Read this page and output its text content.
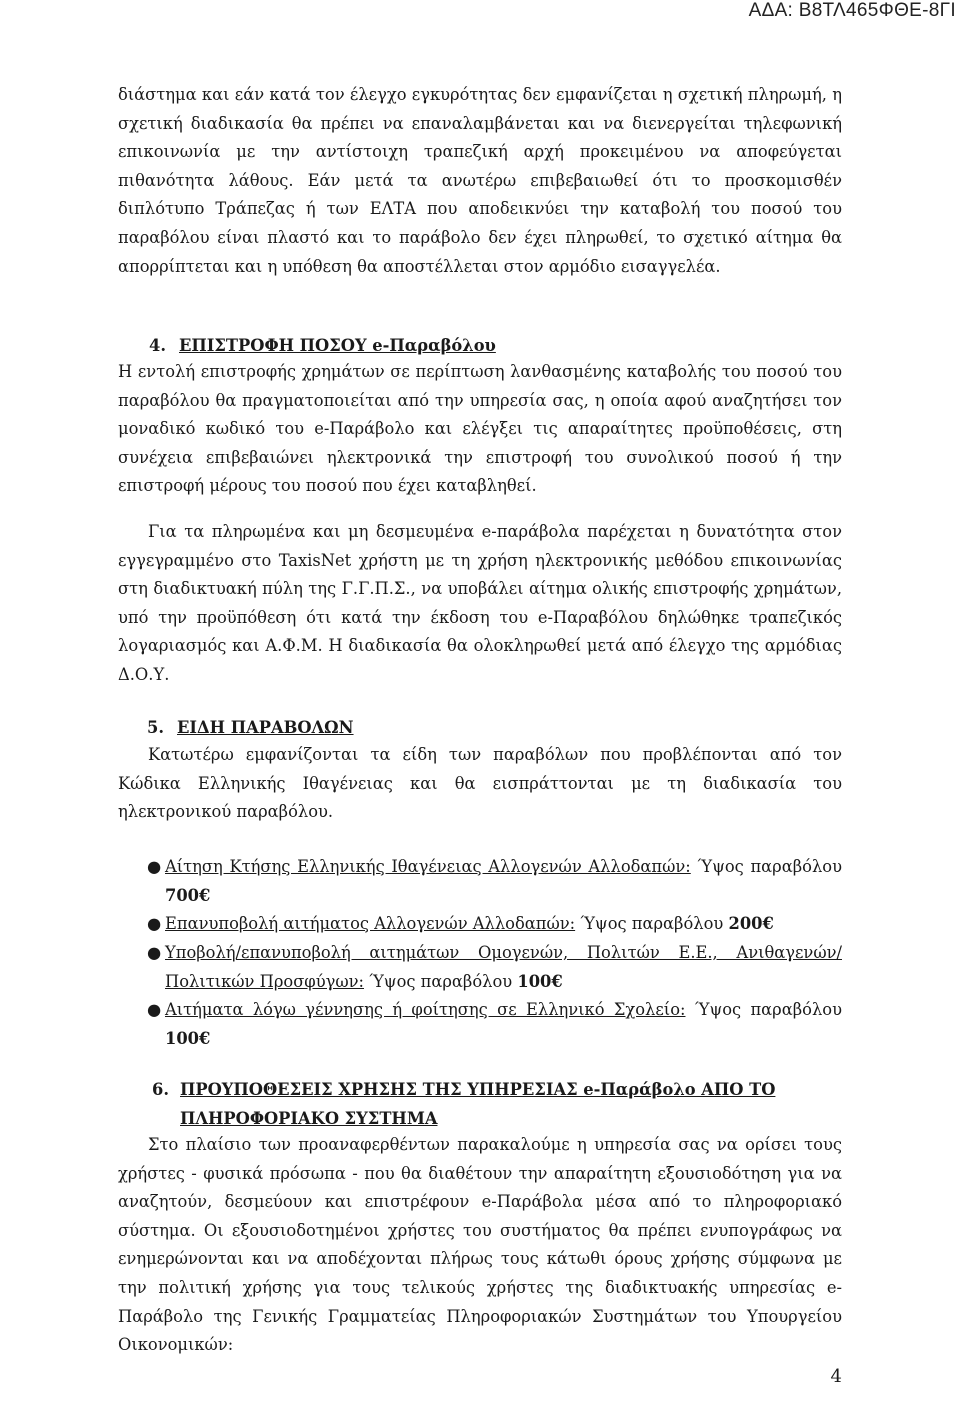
ΑΔΑ: Β8ΤΛ465ΦΘΕ-8ΓΙ

διάστημα και εάν κατά τον έλεγχο εγκυρότητας δεν εμφανίζεται η σχετική πληρωμή, η σχετική διαδικασία θα πρέπει να επαναλαμβάνεται και να διενεργείται τηλεφωνική επικοινωνία με την αντίστοιχη τραπεζική αρχή προκειμένου να αποφεύγεται πιθανότητα λάθους. Εάν μετά τα ανωτέρω επιβεβαιωθεί ότι το προσκομισθέν διπλότυπο Τράπεζας ή των ΕΛΤΑ που αποδεικνύει την καταβολή του ποσού του παραβόλου είναι πλαστό και το παράβολο δεν έχει πληρωθεί, το σχετικό αίτημα θα απορρίπτεται και η υπόθεση θα αποστέλλεται στον αρμόδιο εισαγγελέα.

4. ΕΠΙΣΤΡΟΦΗ ΠΟΣΟΥ e-Παραβόλου

Η εντολή επιστροφής χρημάτων σε περίπτωση λανθασμένης καταβολής του ποσού του παραβόλου θα πραγματοποιείται από την υπηρεσία σας, η οποία αφού αναζητήσει τον μοναδικό κωδικό του e-Παράβολο και ελέγξει τις απαραίτητες προϋποθέσεις, στη συνέχεια επιβεβαιώνει ηλεκτρονικά την επιστροφή του συνολικού ποσού ή την επιστροφή μέρους του ποσού που έχει καταβληθεί.

Για τα πληρωμένα και μη δεσμευμένα e-παράβολα παρέχεται η δυνατότητα στον εγγεγραμμένο στο TaxisNet χρήστη με τη χρήση ηλεκτρονικής μεθόδου επικοινωνίας στη διαδικτυακή πύλη της Γ.Γ.Π.Σ., να υποβάλει αίτημα ολικής επιστροφής χρημάτων, υπό την προϋπόθεση ότι κατά την έκδοση του e-Παραβόλου δηλώθηκε τραπεζικός λογαριασμός και Α.Φ.Μ. Η διαδικασία θα ολοκληρωθεί μετά από έλεγχο της αρμόδιας Δ.Ο.Υ.

5. ΕΙΔΗ ΠΑΡΑΒΟΛΩΝ

Κατωτέρω εμφανίζονται τα είδη των παραβόλων που προβλέπονται από τον Κώδικα Ελληνικής Ιθαγένειας και θα εισπράττονται με τη διαδικασία του ηλεκτρονικού παραβόλου.

● Αίτηση Κτήσης Ελληνικής Ιθαγένειας Αλλογενών Αλλοδαπών: Ύψος παραβόλου 700€
● Επανυποβολή αιτήματος Αλλογενών Αλλοδαπών: Ύψος παραβόλου 200€
● Υποβολή/επανυποβολή αιτημάτων Ομογενών, Πολιτών Ε.Ε., Ανιθαγενών/Πολιτικών Προσφύγων: Ύψος παραβόλου 100€
● Αιτήματα λόγω γέννησης ή φοίτησης σε Ελληνικό Σχολείο: Ύψος παραβόλου 100€
6. ΠΡΟΥΠΟΘΕΣΕΙΣ ΧΡΗΣΗΣ ΤΗΣ ΥΠΗΡΕΣΙΑΣ e-Παράβολο ΑΠΟ ΤΟ
ΠΛΗΡΟΦΟΡΙΑΚΟ ΣΥΣΤΗΜΑ

Στο πλαίσιο των προαναφερθέντων παρακαλούμε η υπηρεσία σας να ορίσει τους χρήστες - φυσικά πρόσωπα - που θα διαθέτουν την απαραίτητη εξουσιοδότηση για να αναζητούν, δεσμεύουν και επιστρέφουν e-Παράβολα μέσα από το πληροφοριακό σύστημα. Οι εξουσιοδοτημένοι χρήστες του συστήματος θα πρέπει ενυπογράφως να ενημερώνονται και να αποδέχονται πλήρως τους κάτωθι όρους χρήσης σύμφωνα με την πολιτική χρήσης για τους τελικούς χρήστες της διαδικτυακής υπηρεσίας e-Παράβολο της Γενικής Γραμματείας Πληροφοριακών Συστημάτων του Υπουργείου Οικονομικών:

4
